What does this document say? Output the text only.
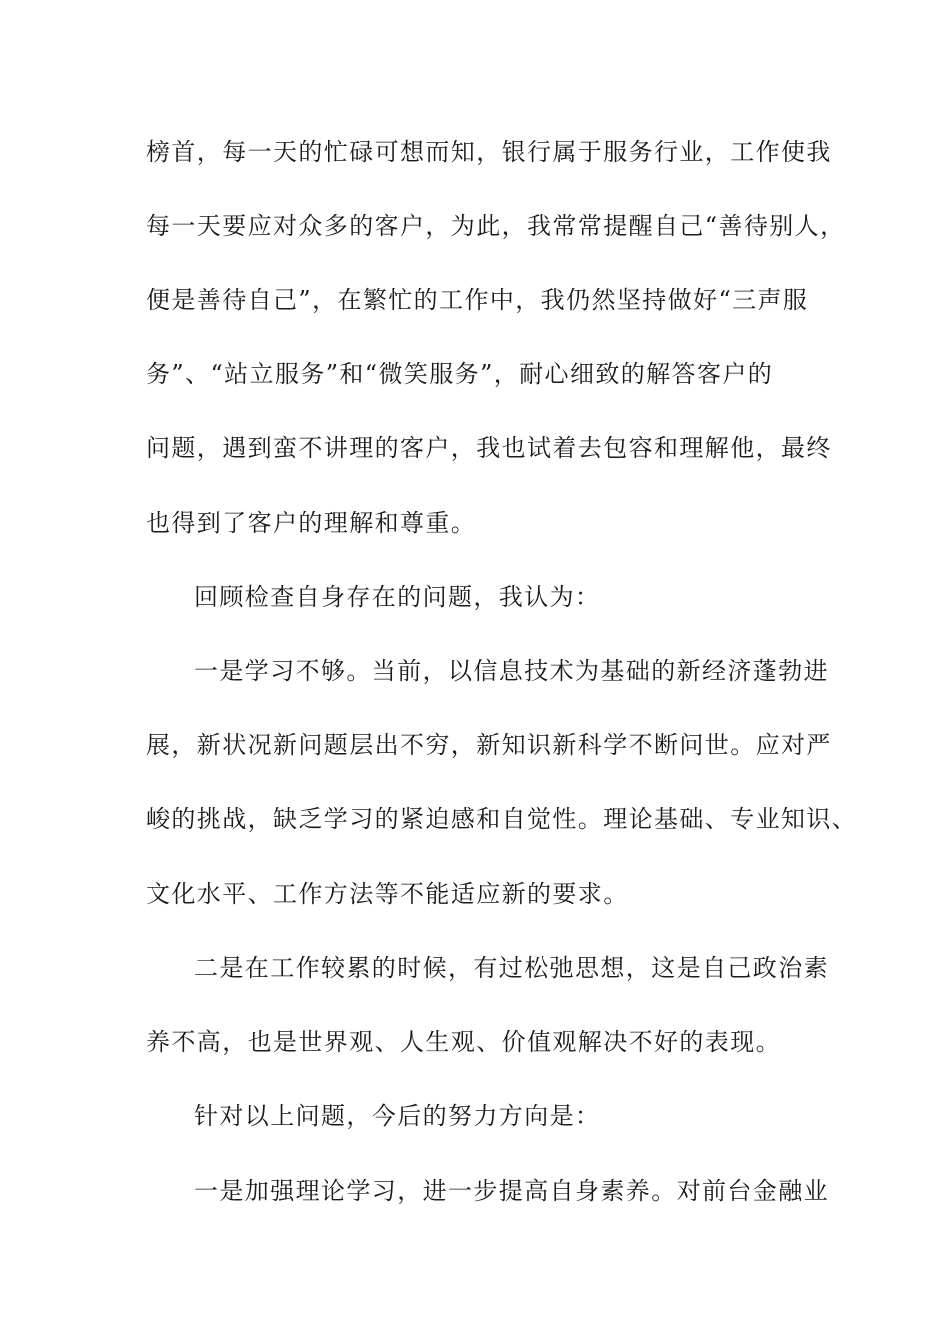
榜首，每一天的忙碌可想而知，银行属于服务行业，工作使我
每一天要应对众多的客户，为此，我常常提醒自己“善待别人，
便是善待自己”，在繁忙的工作中，我仍然坚持做好“三声服
务”、“站立服务”和“微笑服务”，耐心细致的解答客户的
问题，遇到蛮不讲理的客户，我也试着去包容和理解他，最终
也得到了客户的理解和尊重。
回顾检查自身存在的问题，我认为：
一是学习不够。当前，以信息技术为基础的新经济蓬勃进
展，新状况新问题层出不穷，新知识新科学不断问世。应对严
峻的挑战，缺乏学习的紧迫感和自觉性。理论基础、专业知识、
文化水平、工作方法等不能适应新的要求。
二是在工作较累的时候，有过松弛思想，这是自己政治素
养不高，也是世界观、人生观、价值观解决不好的表现。
针对以上问题，今后的努力方向是：
一是加强理论学习，进一步提高自身素养。对前台金融业
